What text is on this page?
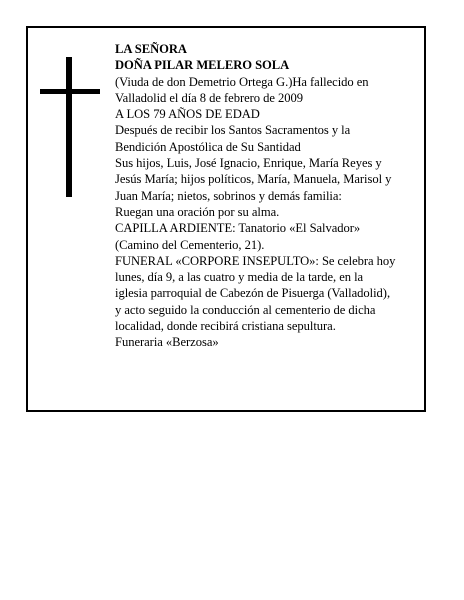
LA SEÑORA

DOÑA PILAR MELERO SOLA

(Viuda de don Demetrio Ortega G.)Ha fallecido en

Valladolid el día 8 de febrero de 2009

A LOS 79 AÑOS DE EDAD

Después de recibir los Santos Sacramentos y la

Bendición Apostólica de Su Santidad

Sus hijos, Luis, José Ignacio, Enrique, María Reyes y

Jesús María; hijos políticos, María, Manuela, Marisol y

Juan María; nietos, sobrinos y demás familia:

Ruegan una oración por su alma.

CAPILLA ARDIENTE: Tanatorio «El Salvador»

(Camino del Cementerio, 21).

FUNERAL «CORPORE INSEPULTO»: Se celebra hoy

lunes, día 9, a las cuatro y media de la tarde, en la

iglesia parroquial de Cabezón de Pisuerga (Valladolid),

y acto seguido la conducción al cementerio de dicha

localidad, donde recibirá cristiana sepultura.

Funeraria «Berzosa»
